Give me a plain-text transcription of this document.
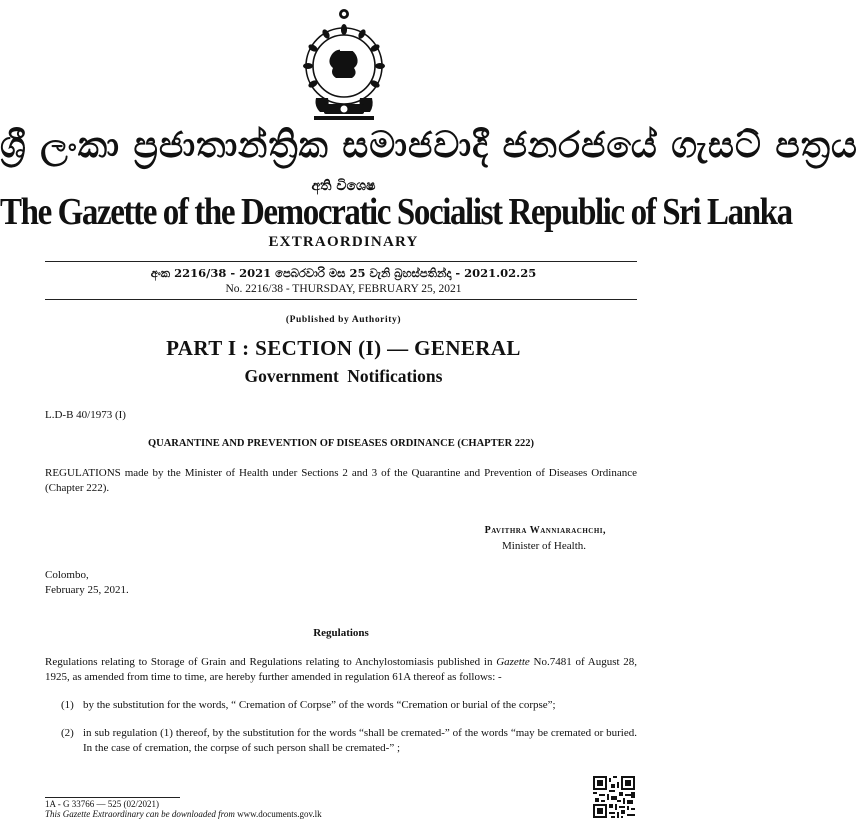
ශ්‍රී ලංකා ප්‍රජාතාන්ත්‍රික සමාජවාදී ජනරජයේ ගැසට් පත්‍රය
අති විශෙෂ
The Gazette of the Democratic Socialist Republic of Sri Lanka
EXTRAORDINARY
අංක 2216/38 - 2021 පෙබරවාරි මස 25 වැනි බ්‍රහස්පතින්දා - 2021.02.25
No. 2216/38 - THURSDAY, FEBRUARY 25, 2021
(Published by Authority)
PART I : SECTION (I) — GENERAL
Government Notifications
L.D-B 40/1973 (I)
QUARANTINE AND PREVENTION OF DISEASES ORDINANCE (CHAPTER 222)
REGULATIONS made by the Minister of Health under Sections 2 and 3 of the Quarantine and Prevention of Diseases Ordinance (Chapter 222).
Pavithra Wanniarachchi,
Minister of Health.
Colombo,
February 25, 2021.
Regulations
Regulations relating to Storage of Grain and Regulations relating to Anchylostomiasis published in Gazette No.7481 of August 28, 1925, as amended from time to time, are hereby further amended in regulation 61A thereof as follows: -
(1) by the substitution for the words, “ Cremation of Corpse” of the words “Cremation or burial of the corpse”;
(2) in sub regulation (1) thereof, by the substitution for the words “shall be cremated-” of the words “may be cremated or buried. In the case of cremation, the corpse of such person shall be cremated-” ;
1A - G 33766 — 525 (02/2021)
This Gazette Extraordinary can be downloaded from www.documents.gov.lk
